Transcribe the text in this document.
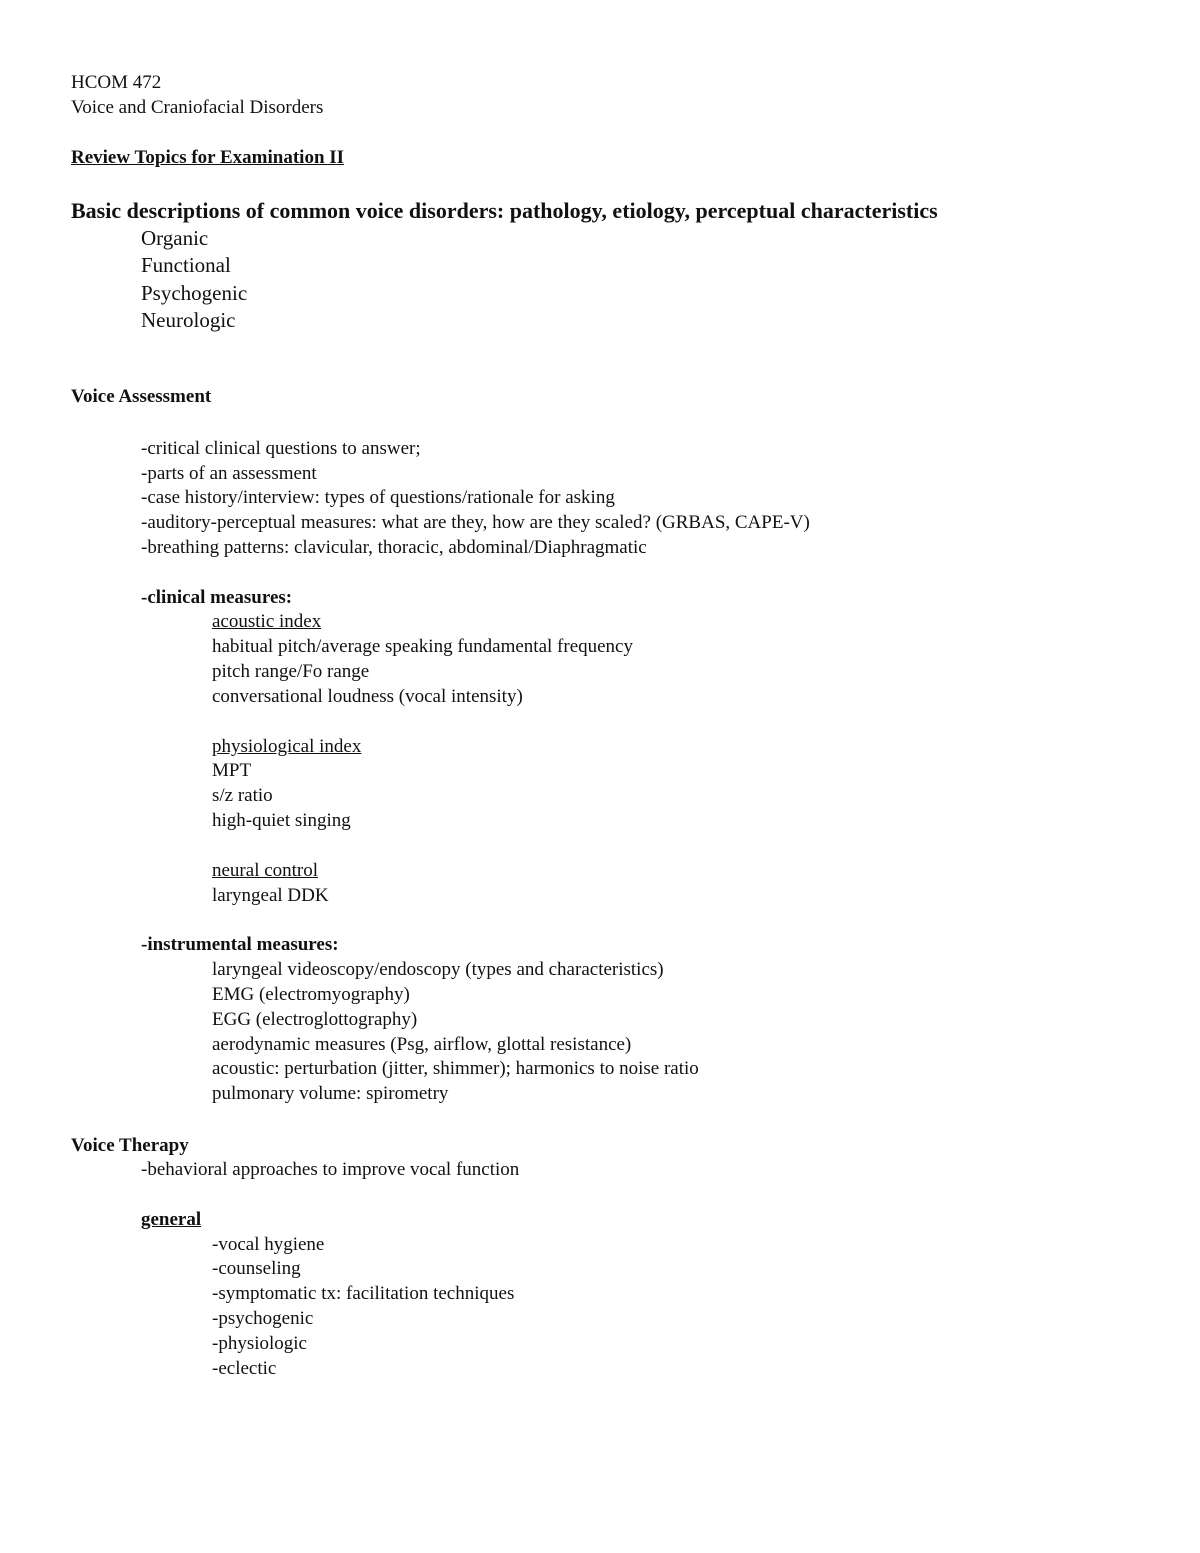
HCOM 472
Voice and Craniofacial Disorders
Review Topics for Examination II
Basic descriptions of common voice disorders: pathology, etiology, perceptual characteristics
Organic
Functional
Psychogenic
Neurologic
Voice Assessment
-critical clinical questions to answer;
-parts of an assessment
-case history/interview: types of questions/rationale for asking
-auditory-perceptual measures: what are they, how are they scaled? (GRBAS, CAPE-V)
-breathing patterns: clavicular, thoracic, abdominal/Diaphragmatic
-clinical measures:
acoustic index
habitual pitch/average speaking fundamental frequency
pitch range/Fo range
conversational loudness (vocal intensity)
physiological index
MPT
s/z ratio
high-quiet singing
neural control
laryngeal DDK
-instrumental measures:
laryngeal videoscopy/endoscopy (types and characteristics)
EMG (electromyography)
EGG (electroglottography)
aerodynamic measures (Psg, airflow, glottal resistance)
acoustic: perturbation (jitter, shimmer); harmonics to noise ratio
pulmonary volume: spirometry
Voice Therapy
-behavioral approaches to improve vocal function
general
-vocal hygiene
-counseling
-symptomatic tx: facilitation techniques
-psychogenic
-physiologic
-eclectic
